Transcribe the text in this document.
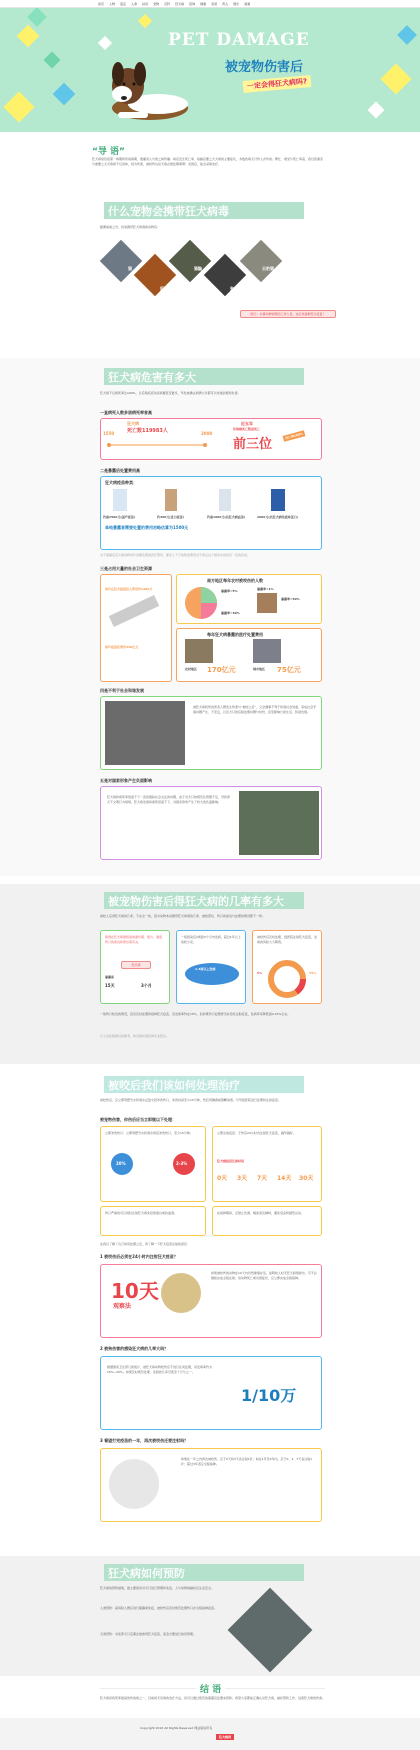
首页 人物 鉴定 人命 扶贫 宠物 百科 狂犬病 咨询 健康 家居 育儿 娱乐 视频
PET DAMAGE
被宠物伤害后
一定会得狂犬病吗?
“导 语”
狂犬病常包括第一病期和传染病期，散播者人与兽之间传播。病后发生死亡率，接触后要之犬犬病的主要症状，多数致病犬只伤人并传染。繁忙、难受与死亡率高，我们致谢亲分准要之犬犬病病不仅具体，则为伤害，被咬伤也是犬病必须处理事情！发现后，能会采取治疗。
什么宠物会携带狂犬病毒
随便看看之外，容易携带狂犬病毒的动物有：
猫
狐狸
猫鼬
狗
云豹猫
图示：从事动物饲养的工作人员，也应该接种狂犬疫苗！
狂犬病危害有多大
狂犬病不仅病死率达100%，日后残疾恶化疾病要甚至最多，早发被确认病情大多都可以快速治理和危害。
一直病死人数多居病死率首高
1550	2008
狂犬病
死亡数119983人
近五年
传染病死亡数居死亡
前三位
死亡率100%
二是暴露后处置费用高
狂犬病疫苗种类：
约需2500元(国产疫苗)	约300元(进口疫苗)	约需1000元(抗狂犬病血清)	2000元(抗狂犬病免疫球蛋白)
单纯暴露者需要处置的费用初略估算为1500元
对于暴露后后犬病动物每年需要花费的医疗费用，都是上千万的救治费用对于我们这个国家来说是有一定的负担。
三是占用大量的社会卫生资源
每年在狂犬疫苗投入费用约1200万
每年疫苗花费约350亿元
南方地区每年农村被咬伤的人数
暴露率=5%	暴露率=1%
暴露率=50%
暴露率=30%
每年狂犬病暴露的医疗处置费用
农村地区 170亿元	城市地区 75亿元
四是不利于社会和谐发展
被狂犬病咬伤的患者人群发生伤害与“被咬之后”，又会遇事不利于和谐社会局面，造成社会矛盾问题产生、不安定，以及犬只的后续处理问题与纠纷，甚至影响日常生活、和谐发展。
五是对国家形象产生负面影响
狂犬病和病死率居高不下一直是国际社会关注的问题，由于对犬只的规范化管理不足，导致养犬不文明行为频频，狂犬病发病和病死居高不下，对国家形象产生了较大的负面影响。
被宠物伤害后得狂犬病的几率有多大
被咬人后得狂犬病的几率，不完全一致，因为动物本身携带狂犬病毒的几率、被咬部位、伤口的深浅与处理的情况都不一样。
病毒在狂犬病毒感染的潜伏期、毒力、速度、伤口的深浅和部位等有关。
狂犬病
暴露前
15天	3个月
一般感染后2周到3个月内发病，超过1年以上的较少见。
1-3周以上发病
被咬伤后及时处理，到医院注射狂犬疫苗，发病的风险大大降低。
5%	15%
一般伤口较浅的情况，没有及时处理和接种狂犬疫苗，其发病率约在15%，但如果伤口处理得当并及时注射疫苗，发病率可降低到0.15%左右。
以上这些数据仅供参考，如有疑问请咨询专业医生。
被咬后我们该如何处理治疗
被咬伤后，应立即用肥皂水和清水反复交替冲洗伤口，冲洗时间至少15分钟，然后用碘酒或酒精消毒，尽早到医院进行处理和注射疫苗。
被宠物伤害，你伤后应当立即做以下处理：
立即冲洗伤口：立即用肥皂水和清水彻底冲洗伤口，至少15分钟。
20%	2-3%
立即注射疫苗：于伤后24小时内注射狂犬疫苗，越早越好。
狂犬病疫苗注射时间
0天 3天 7天 14天 30天
伤口严重的可以同时注射狂犬病免疫球蛋白或抗血清。	在接种期间，应禁止饮酒、喝浓茶及咖啡，避免受凉和剧烈运动。
在我们了解了自己如何处理之后，再了解一下狂犬疫苗注射的误区：
1 被咬伤后必须在24小时内注射狂犬疫苗？
10天
观察法
如果被咬伤的动物在10天内仍然健康存活，说明咬人时无狂犬病毒排出，可不必继续完成全程注射；但动物死亡或出现症状，应立即完成全程接种。
2 被狗伤害的感染狂犬病的几率大吗？
根据国家卫生部门的统计，被狂犬病动物咬伤后不进行任何处理，其发病率约为15%~20%。如果及时规范处理，发病的几率可低至十万分之一。
1/10万
3 看望打完疫苗的一年，再次被咬伤还要注射吗？
如果在一年之内再次被咬伤，应于0天和3天各注射1针；如在1年至3年内，应于0、3、7天各注射1针；超过3年者应全程接种。
狂犬病如何预防
狂犬病的预防措施，最主要的是对犬只进行管理和免疫，人与动物接触时应注意安全。
人类预防：高风险人群应进行暴露前免疫，被咬伤后及时规范处理伤口并全程接种疫苗。
犬类预防：对家养犬只定期注射兽用狂犬疫苗，流浪犬要进行收容管理。
结 语
狂犬病是致死率最高的传染病之一，目前尚无有效的治疗方法，但可以通过规范的暴露后处置来预防。希望大家都能正确认识狂犬病，做好预防工作，远离狂犬病的伤害。
Copyright 2016 All Rights Reserved 网站版权所有
狂犬病网
